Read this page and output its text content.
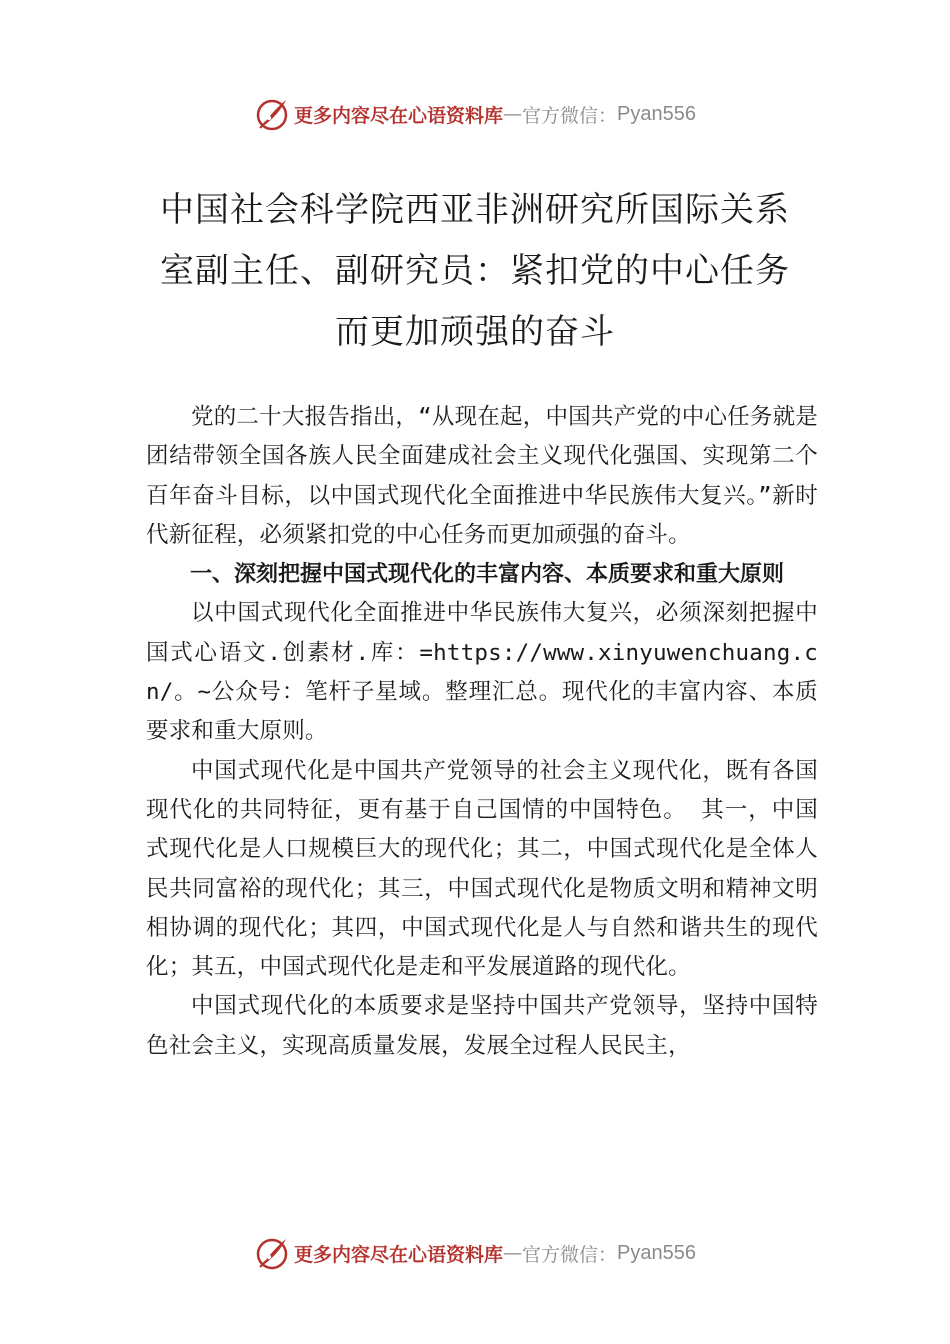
更多内容尽在心语资料库 — 官方微信： Pyan556
中国社会科学院西亚非洲研究所国际关系
室副主任、副研究员：紧扣党的中心任务
而更加顽强的奋斗

党的二十大报告指出，“从现在起，中国共产党的中心任务就是团结带领全国各族人民全面建成社会主义现代化强国、实现第二个百年奋斗目标，以中国式现代化全面推进中华民族伟大复兴。”新时代新征程，必须紧扣党的中心任务而更加顽强的奋斗。

一、深刻把握中国式现代化的丰富内容、本质要求和重大原则

以中国式现代化全面推进中华民族伟大复兴，必须深刻把握中国式心语文.创素材.库：=https://www.xinyuwenchuang.cn/。~公众号：笔杆子星域。整理汇总。现代化的丰富内容、本质要求和重大原则。

中国式现代化是中国共产党领导的社会主义现代化，既有各国现代化的共同特征，更有基于自己国情的中国特色。 其一，中国式现代化是人口规模巨大的现代化；其二，中国式现代化是全体人民共同富裕的现代化；其三，中国式现代化是物质文明和精神文明相协调的现代化；其四，中国式现代化是人与自然和谐共生的现代化；其五，中国式现代化是走和平发展道路的现代化。

中国式现代化的本质要求是坚持中国共产党领导，坚持中国特色社会主义，实现高质量发展，发展全过程人民民主，

更多内容尽在心语资料库 — 官方微信： Pyan556
